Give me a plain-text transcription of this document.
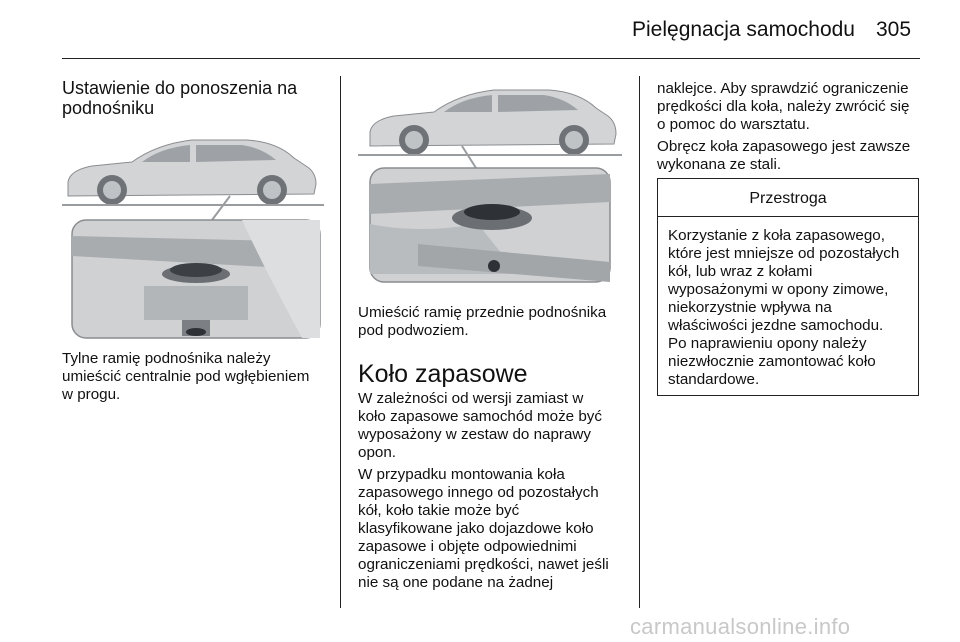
Pielęgnacja samochodu 305
Ustawienie do ponoszenia na
podnośniku
Tylne ramię podnośnika należy
umieścić centralnie pod wgłębieniem
w progu.
Umieścić ramię przednie podnośnika
pod podwoziem.
Koło zapasowe
W zależności od wersji zamiast w
koło zapasowe samochód może być
wyposażony w zestaw do naprawy
opon.
W przypadku montowania koła
zapasowego innego od pozostałych
kół, koło takie może być
klasyfikowane jako dojazdowe koło
zapasowe i objęte odpowiednimi
ograniczeniami prędkości, nawet jeśli
nie są one podane na żadnej
naklejce. Aby sprawdzić ograniczenie
prędkości dla koła, należy zwrócić się
o pomoc do warsztatu.
Obręcz koła zapasowego jest zawsze
wykonana ze stali.
Przestroga
Korzystanie z koła zapasowego,
które jest mniejsze od pozostałych
kół, lub wraz z kołami
wyposażonymi w opony zimowe,
niekorzystnie wpływa na
właściwości jezdne samochodu.
Po naprawieniu opony należy
niezwłocznie zamontować koło
standardowe.
carmanualsonline.info
